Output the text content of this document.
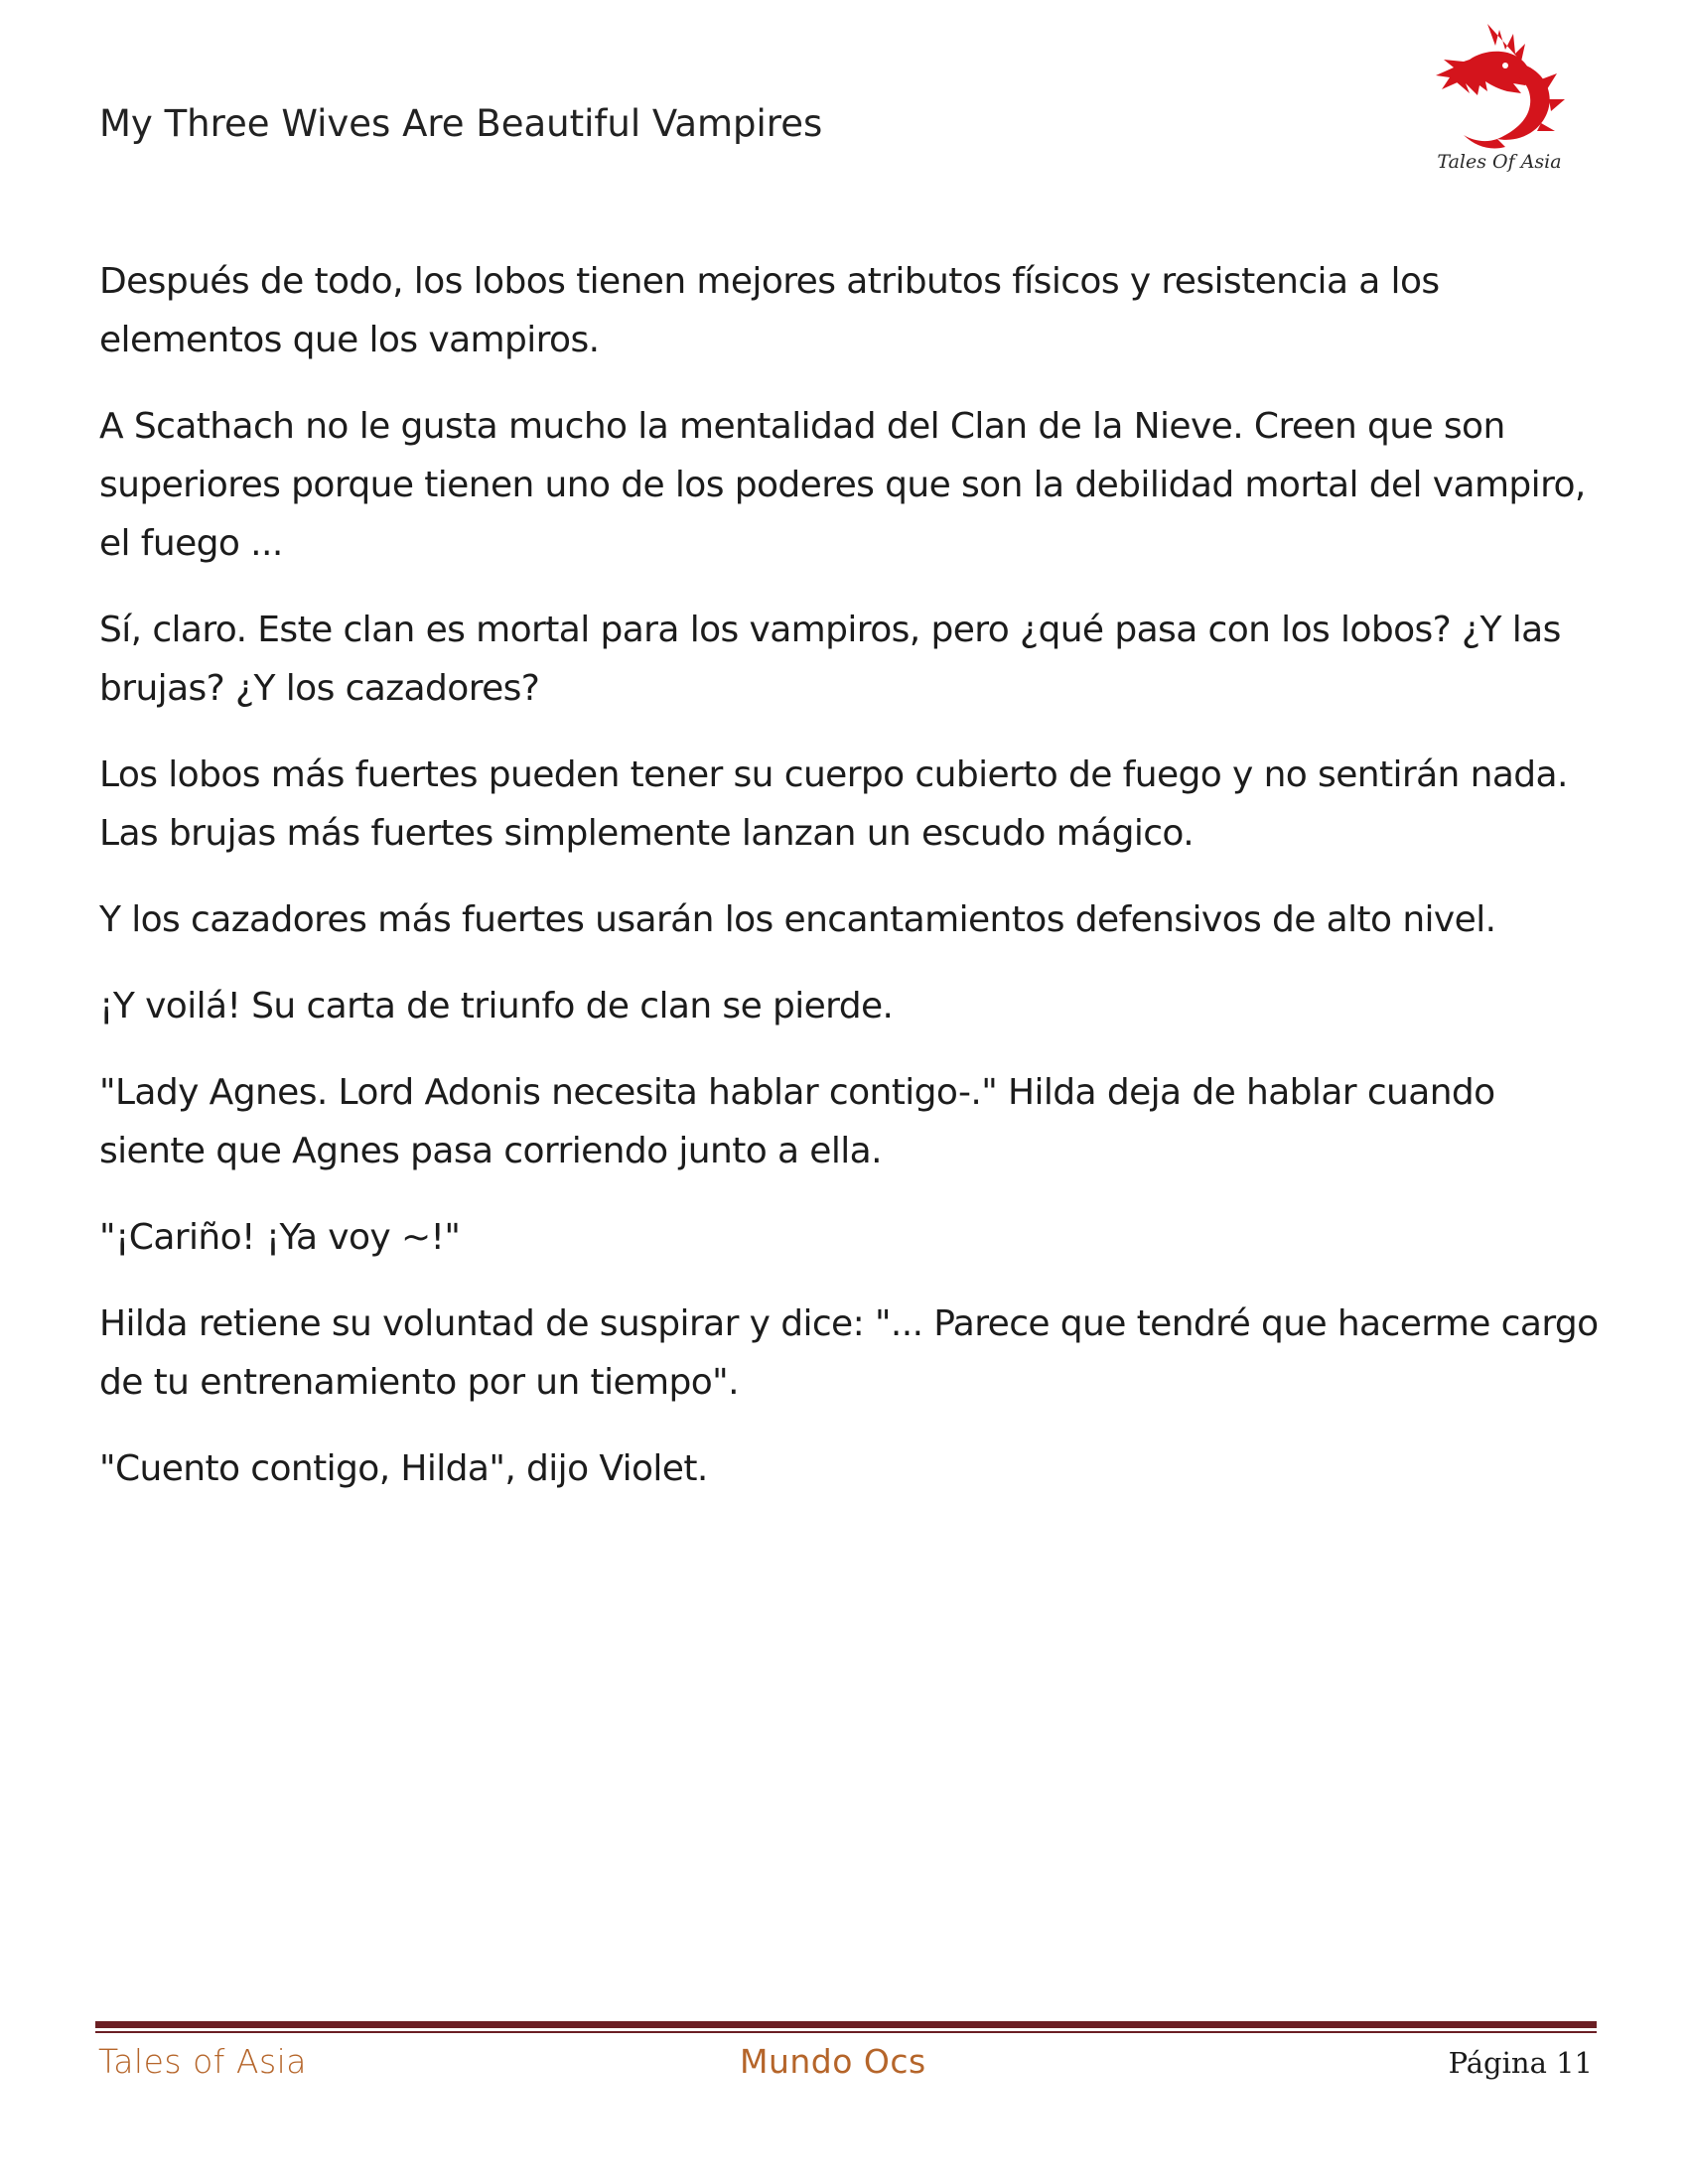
My Three Wives Are Beautiful Vampires
Tales Of Asia

Después de todo, los lobos tienen mejores atributos físicos y resistencia a los elementos que los vampiros.

A Scathach no le gusta mucho la mentalidad del Clan de la Nieve. Creen que son superiores porque tienen uno de los poderes que son la debilidad mortal del vampiro, el fuego ...

Sí, claro. Este clan es mortal para los vampiros, pero ¿qué pasa con los lobos? ¿Y las brujas? ¿Y los cazadores?

Los lobos más fuertes pueden tener su cuerpo cubierto de fuego y no sentirán nada. Las brujas más fuertes simplemente lanzan un escudo mágico.

Y los cazadores más fuertes usarán los encantamientos defensivos de alto nivel.

¡Y voilá! Su carta de triunfo de clan se pierde.

"Lady Agnes. Lord Adonis necesita hablar contigo-." Hilda deja de hablar cuando siente que Agnes pasa corriendo junto a ella.

"¡Cariño! ¡Ya voy ~!"

Hilda retiene su voluntad de suspirar y dice: "... Parece que tendré que hacerme cargo de tu entrenamiento por un tiempo".

"Cuento contigo, Hilda", dijo Violet.

Tales of Asia	Mundo Ocs	Página 11
